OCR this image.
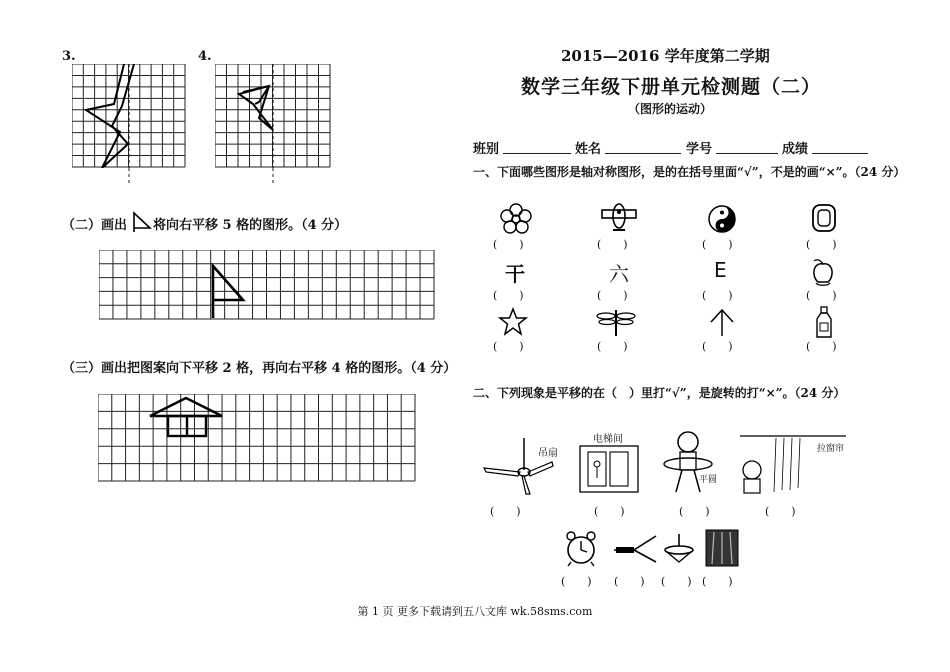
3.	4.
（二）画出 将向右平移 5 格的图形。（4 分）
（三）画出把图案向下平移 2 格，再向右平移 4 格的图形。（4 分）
2015—2016 学年度第二学期
数学三年级下册单元检测题（二）
（图形的运动）
班别	姓名	学号	成绩
一、下面哪些图形是轴对称图形，是的在括号里面“√”，不是的画“×”。（24 分）
(　　)	(　　)	(　　)	(　　)
干	六	E
(　　)	(　　)	(　　)	(　　)
(　　)	(　　)	(　　)	(　　)
二、下列现象是平移的在（　）里打“√”，是旋转的打“×”。（24 分）
吊扇
电梯间
平圆
拉窗帘
(　　)	(　　)	(　　)	(　　)
(　　) (　　) (　　) (　　)
第 1 页 更多下载请到五八文库 wk.58sms.com
